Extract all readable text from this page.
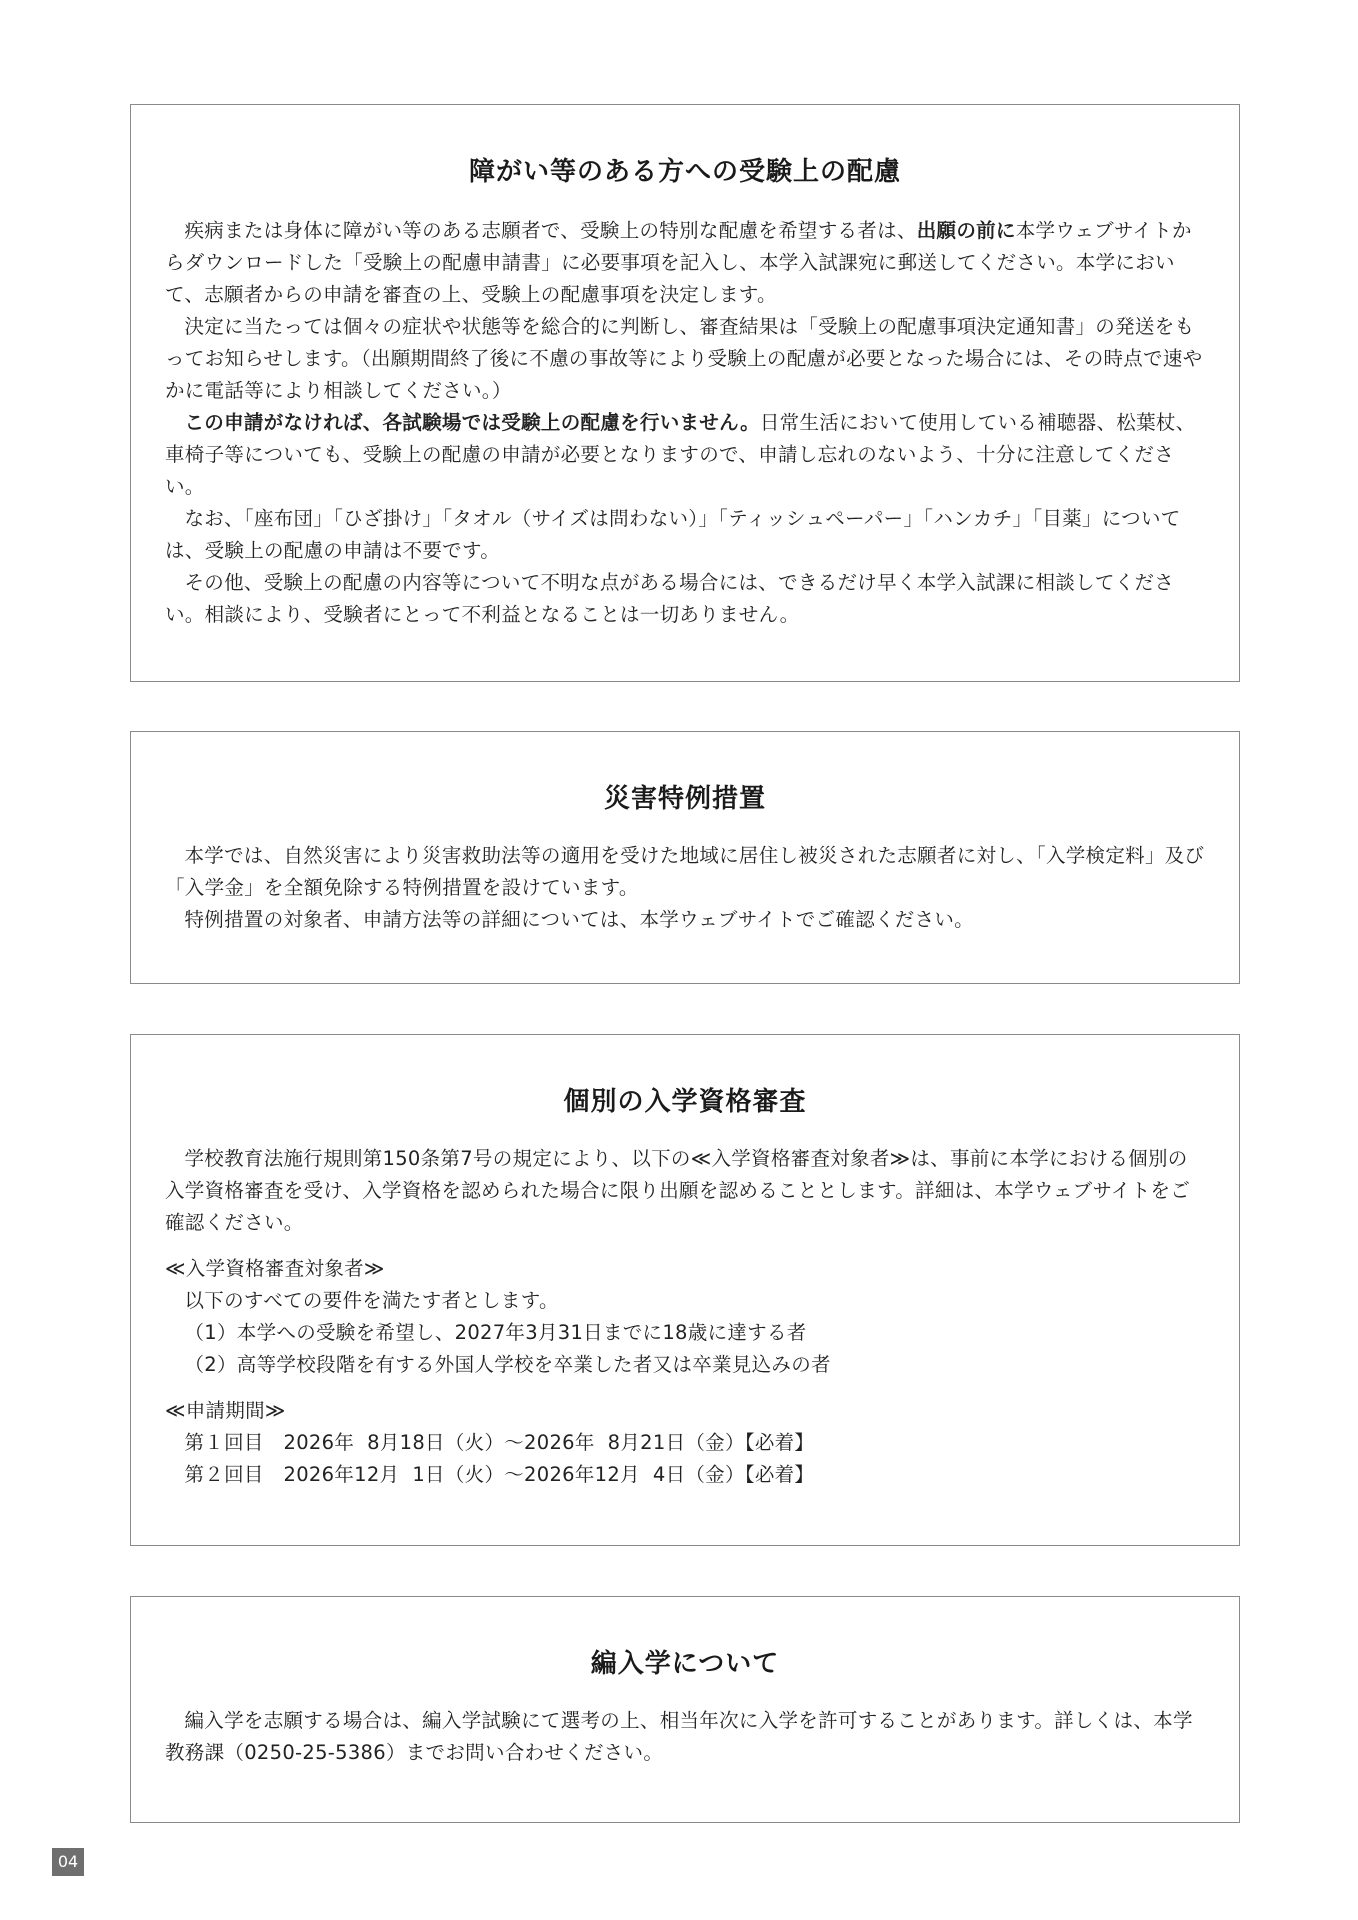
障がい等のある方への受験上の配慮

疾病または身体に障がい等のある志願者で、受験上の特別な配慮を希望する者は、出願の前に本学ウェブサイトからダウンロードした「受験上の配慮申請書」に必要事項を記入し、本学入試課宛に郵送してください。本学において、志願者からの申請を審査の上、受験上の配慮事項を決定します。

決定に当たっては個々の症状や状態等を総合的に判断し、審査結果は「受験上の配慮事項決定通知書」の発送をもってお知らせします。（出願期間終了後に不慮の事故等により受験上の配慮が必要となった場合には、その時点で速やかに電話等により相談してください。）

この申請がなければ、各試験場では受験上の配慮を行いません。日常生活において使用している補聴器、松葉杖、車椅子等についても、受験上の配慮の申請が必要となりますので、申請し忘れのないよう、十分に注意してください。

なお、「座布団」「ひざ掛け」「タオル（サイズは問わない）」「ティッシュペーパー」「ハンカチ」「目薬」については、受験上の配慮の申請は不要です。

その他、受験上の配慮の内容等について不明な点がある場合には、できるだけ早く本学入試課に相談してください。相談により、受験者にとって不利益となることは一切ありません。

災害特例措置

本学では、自然災害により災害救助法等の適用を受けた地域に居住し被災された志願者に対し、「入学検定料」及び「入学金」を全額免除する特例措置を設けています。

特例措置の対象者、申請方法等の詳細については、本学ウェブサイトでご確認ください。

個別の入学資格審査

学校教育法施行規則第150条第7号の規定により、以下の≪入学資格審査対象者≫は、事前に本学における個別の入学資格審査を受け、入学資格を認められた場合に限り出願を認めることとします。詳細は、本学ウェブサイトをご確認ください。

≪入学資格審査対象者≫

以下のすべての要件を満たす者とします。

（1）本学への受験を希望し、2027年3月31日までに18歳に達する者

（2）高等学校段階を有する外国人学校を卒業した者又は卒業見込みの者

≪申請期間≫

第１回目　2026年  8月18日（火）～2026年  8月21日（金）【必着】

第２回目　2026年12月  1日（火）～2026年12月  4日（金）【必着】

編入学について

編入学を志願する場合は、編入学試験にて選考の上、相当年次に入学を許可することがあります。詳しくは、本学教務課（0250-25-5386）までお問い合わせください。

04
